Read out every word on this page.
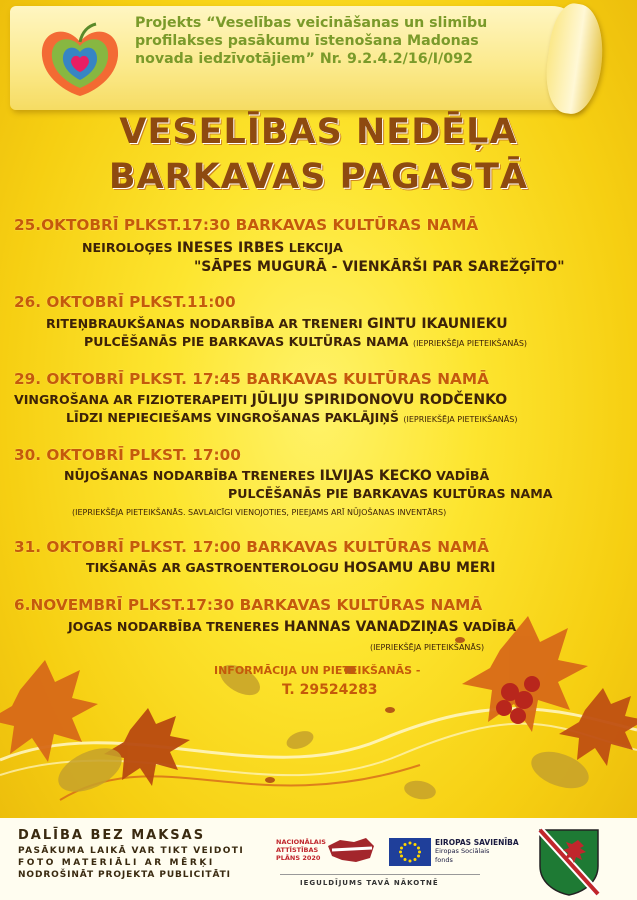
Projekts “Veselības veicināšanas un slimību
profilakses pasākumu īstenošana Madonas
novada iedzīvotājiem” Nr. 9.2.4.2/16/I/092
VESELĪBAS NEDĒĻA
BARKAVAS PAGASTĀ
25.OKTOBRĪ PLKST.17:30 BARKAVAS KULTŪRAS NAMĀ
NEIROLOĢES INESES IRBES LEKCIJA
"SĀPES MUGURĀ - VIENKĀRŠI PAR SAREŽĢĪTO"
26. OKTOBRĪ PLKST.11:00
RITEŅBRAUKŠANAS NODARBĪBA AR TRENERI GINTU IKAUNIEKU
PULCĒŠANĀS PIE BARKAVAS KULTŪRAS NAMA (IEPRIEKŠĒJA PIETEIKŠANĀS)
29. OKTOBRĪ PLKST. 17:45 BARKAVAS KULTŪRAS NAMĀ
VINGROŠANA AR FIZIOTERAPEITI JŪLIJU SPIRIDONOVU RODČENKO
LĪDZI NEPIECIEŠAMS VINGROŠANAS PAKLĀJIŅŠ (IEPRIEKŠĒJA PIETEIKŠANĀS)
30. OKTOBRĪ PLKST. 17:00
NŪJOŠANAS NODARBĪBA TRENERES ILVIJAS KECKO VADĪBĀ
PULCĒŠANĀS PIE BARKAVAS KULTŪRAS NAMA
(IEPRIEKŠĒJA PIETEIKŠANĀS. SAVLAICĪGI VIENOJOTIES, PIEEJAMS ARĪ NŪJOŠANAS INVENTĀRS)
31. OKTOBRĪ PLKST. 17:00 BARKAVAS KULTŪRAS NAMĀ
TIKŠANĀS AR GASTROENTEROLOGU HOSAMU ABU MERI
6.NOVEMBRĪ PLKST.17:30 BARKAVAS KULTŪRAS NAMĀ
JOGAS NODARBĪBA TRENERES HANNAS VANADZIŅAS VADĪBĀ
(IEPRIEKŠĒJA PIETEIKŠANĀS)
INFORMĀCIJA UN PIETEIKŠANĀS -
T. 29524283
DALĪBA BEZ MAKSAS
PASĀKUMA LAIKĀ VAR TIKT VEIDOTI
FOTO MATERIĀLI AR MĒRĶI
NODROŠINĀT PROJEKTA PUBLICITĀTI
NACIONĀLAIS
ATTĪSTĪBAS
PLĀNS 2020
EIROPAS SAVIENĪBA
Eiropas Sociālais
fonds
IEGULDĪJUMS TAVĀ NĀKOTNĒ
